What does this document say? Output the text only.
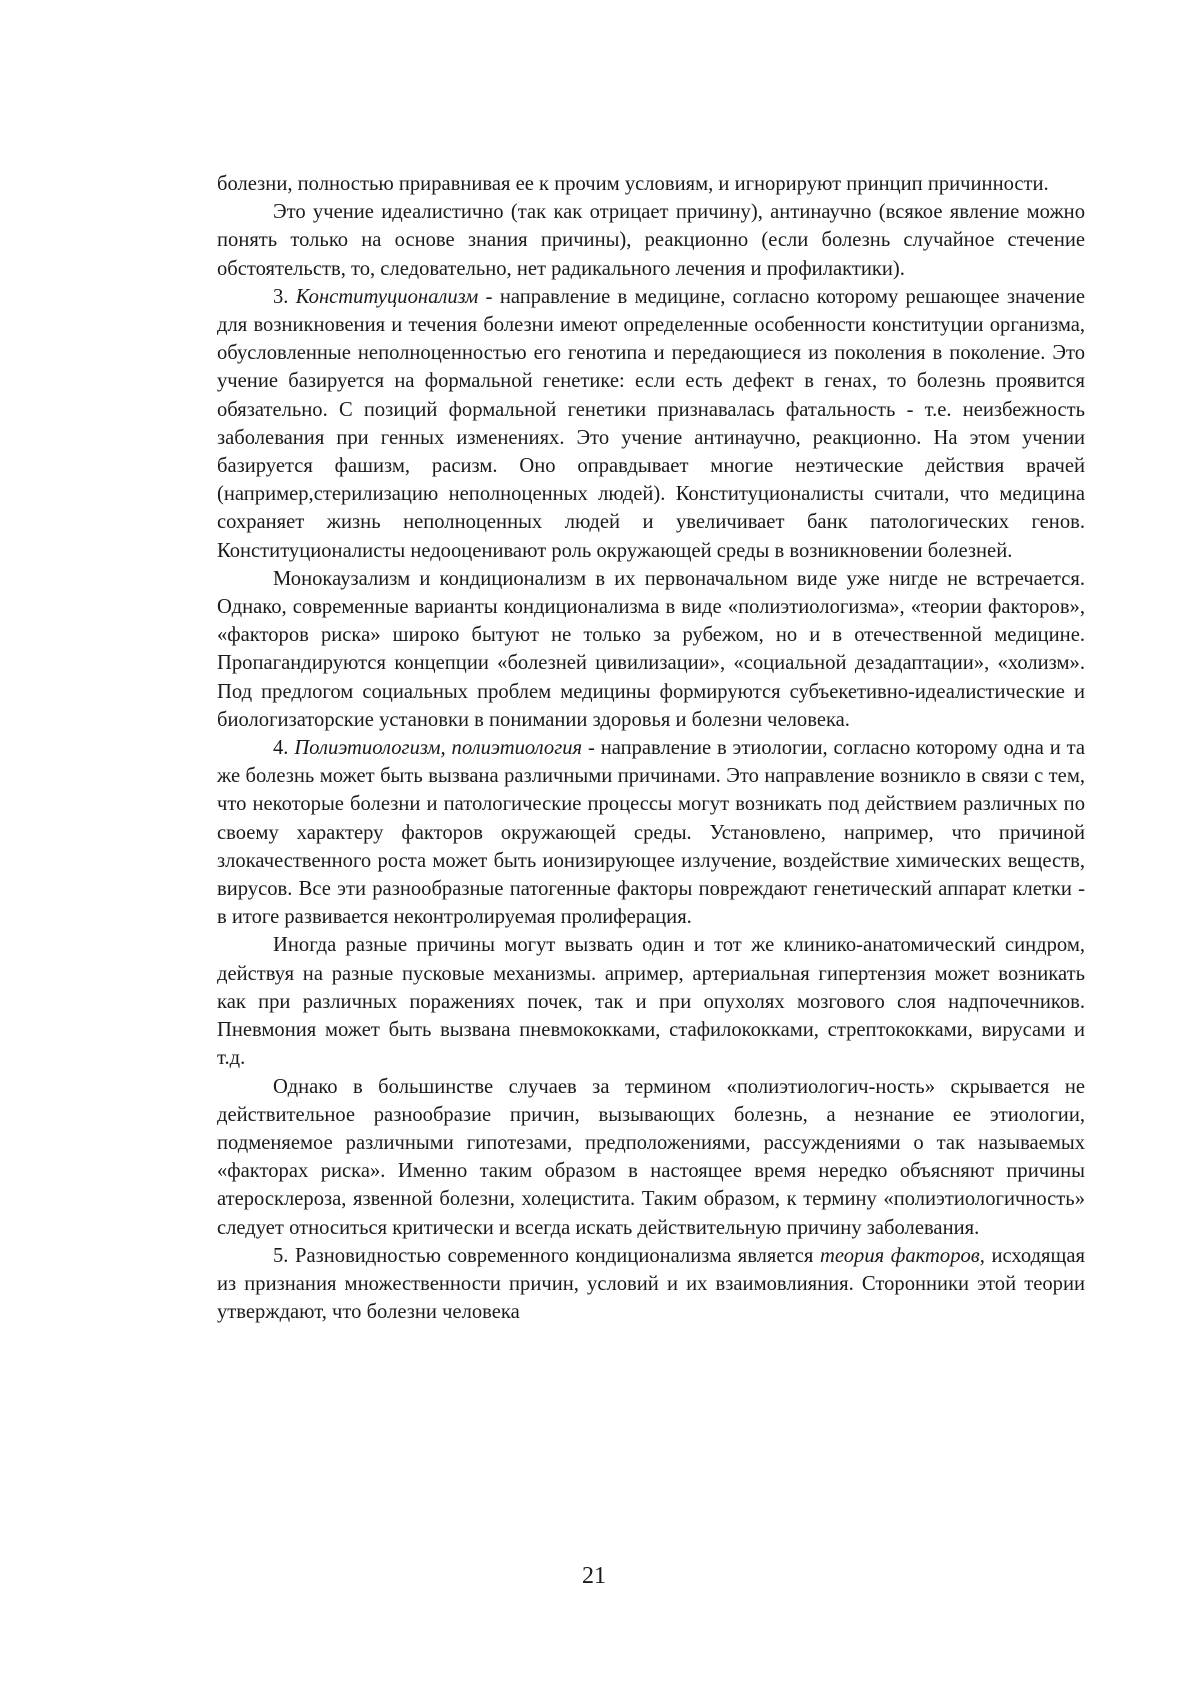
болезни, полностью приравнивая ее к прочим условиям, и игнорируют принцип причинности.

Это учение идеалистично (так как отрицает причину), антинаучно (всякое явление можно понять только на основе знания причины), реакционно (если болезнь случайное стечение обстоятельств, то, следовательно, нет радикального лечения и профилактики).

3. Конституционализм - направление в медицине, согласно которому решающее значение для возникновения и течения болезни имеют определенные особенности конституции организма, обусловленные неполноценностью его генотипа и передающиеся из поколения в поколение. Это учение базируется на формальной генетике: если есть дефект в генах, то болезнь проявится обязательно. С позиций формальной генетики признавалась фатальность - т.е. неизбежность заболевания при генных изменениях. Это учение антинаучно, реакционно. На этом учении базируется фашизм, расизм. Оно оправдывает многие неэтические действия врачей (например,стерилизацию неполноценных людей). Конституционалисты считали, что медицина сохраняет жизнь неполноценных людей и увеличивает банк патологических генов. Конституционалисты недооценивают роль окружающей среды в возникновении болезней.

Монокаузализм и кондиционализм в их первоначальном виде уже нигде не встречается. Однако, современные варианты кондиционализма в виде «полиэтиологизма», «теории факторов», «факторов риска» широко бытуют не только за рубежом, но и в отечественной медицине. Пропагандируются концепции «болезней цивилизации», «социальной дезадаптации», «холизм». Под предлогом социальных проблем медицины формируются субъекетивно-идеалистические и биологизаторские установки в понимании здоровья и болезни человека.

4. Полиэтиологизм, полиэтиология - направление в этиологии, согласно которому одна и та же болезнь может быть вызвана различными причинами. Это направление возникло в связи с тем, что некоторые болезни и патологические процессы могут возникать под действием различных по своему характеру факторов окружающей среды. Установлено, например, что причиной злокачественного роста может быть ионизирующее излучение, воздействие химических веществ, вирусов. Все эти разнообразные патогенные факторы повреждают генетический аппарат клетки - в итоге развивается неконтролируемая пролиферация.

Иногда разные причины могут вызвать один и тот же клинико-анатомический синдром, действуя на разные пусковые механизмы. апример, артериальная гипертензия может возникать как при различных поражениях почек, так и при опухолях мозгового слоя надпочечников. Пневмония может быть вызвана пневмококками, стафилококками, стрептококками, вирусами и т.д.

Однако в большинстве случаев за термином «полиэтиологич-ность» скрывается не действительное разнообразие причин, вызывающих болезнь, а незнание ее этиологии, подменяемое различными гипотезами, предположениями, рассуждениями о так называемых «факторах риска». Именно таким образом в настоящее время нередко объясняют причины атеросклероза, язвенной болезни, холецистита. Таким образом, к термину «полиэтиологичность» следует относиться критически и всегда искать действительную причину заболевания.

5. Разновидностью современного кондиционализма является теория факторов, исходящая из признания множественности причин, условий и их взаимовлияния. Сторонники этой теории утверждают, что болезни человека

21
